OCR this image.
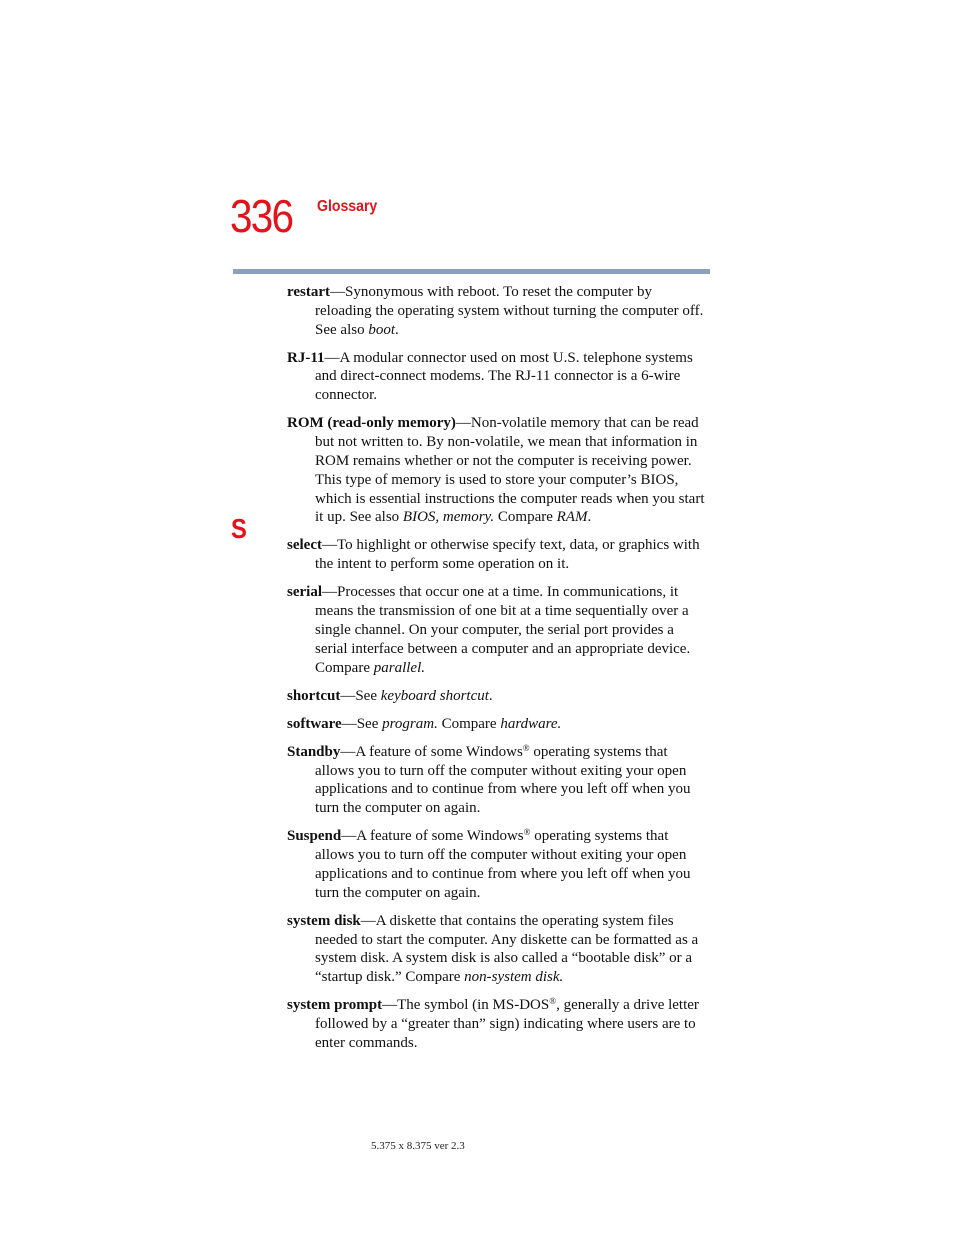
336 Glossary
S

restart—Synonymous with reboot. To reset the computer by reloading the operating system without turning the computer off. See also boot.

RJ-11—A modular connector used on most U.S. telephone systems and direct-connect modems. The RJ-11 connector is a 6-wire connector.

ROM (read-only memory)—Non-volatile memory that can be read but not written to. By non-volatile, we mean that information in ROM remains whether or not the computer is receiving power. This type of memory is used to store your computer’s BIOS, which is essential instructions the computer reads when you start it up. See also BIOS, memory. Compare RAM.

select—To highlight or otherwise specify text, data, or graphics with the intent to perform some operation on it.

serial—Processes that occur one at a time. In communications, it means the transmission of one bit at a time sequentially over a single channel. On your computer, the serial port provides a serial interface between a computer and an appropriate device. Compare parallel.

shortcut—See keyboard shortcut.

software—See program. Compare hardware.

Standby—A feature of some Windows® operating systems that allows you to turn off the computer without exiting your open applications and to continue from where you left off when you turn the computer on again.

Suspend—A feature of some Windows® operating systems that allows you to turn off the computer without exiting your open applications and to continue from where you left off when you turn the computer on again.

system disk—A diskette that contains the operating system files needed to start the computer. Any diskette can be formatted as a system disk. A system disk is also called a “bootable disk” or a “startup disk.” Compare non-system disk.

system prompt—The symbol (in MS-DOS®, generally a drive letter followed by a “greater than” sign) indicating where users are to enter commands.

5.375 x 8.375 ver 2.3
